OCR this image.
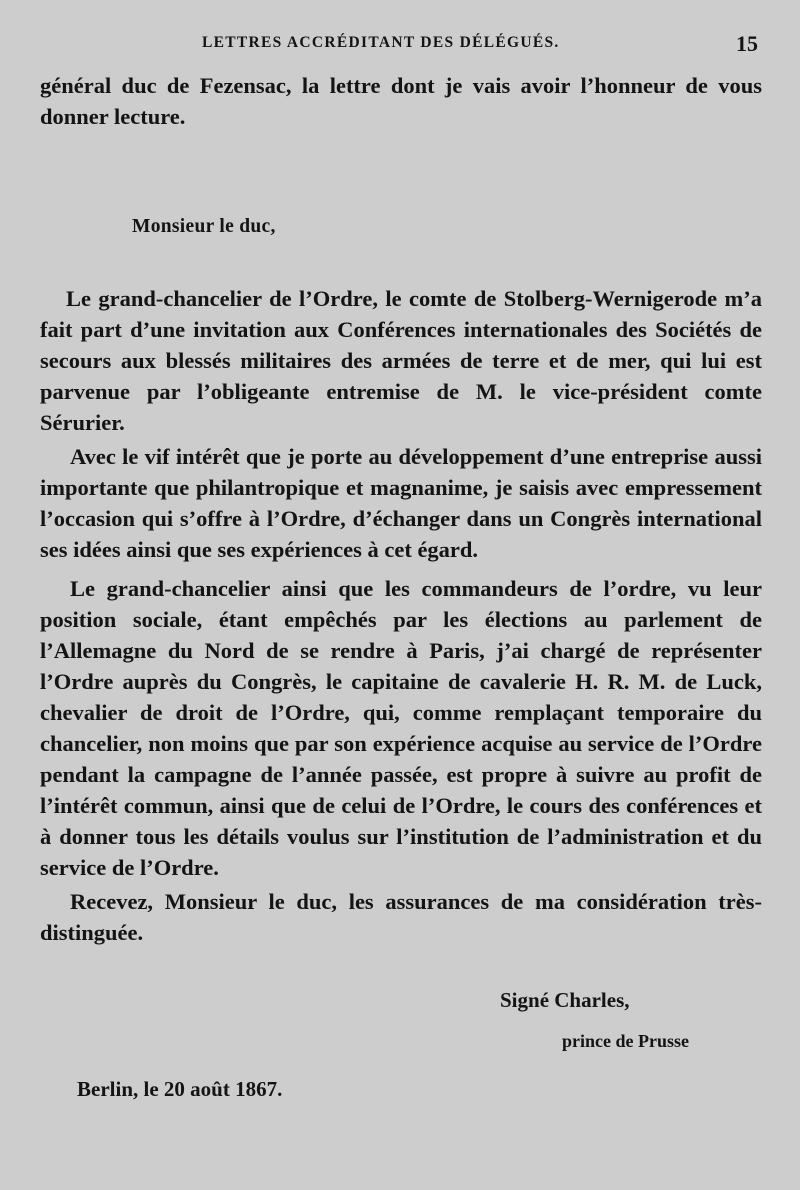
LETTRES ACCRÉDITANT DES DÉLÉGUÉS.	15

général duc de Fezensac, la lettre dont je vais avoir l’honneur de vous donner lecture.

Monsieur le duc,

Le grand-chancelier de l’Ordre, le comte de Stolberg-Wernigerode m’a fait part d’une invitation aux Conférences internationales des Sociétés de secours aux blessés militaires des armées de terre et de mer, qui lui est parvenue par l’obligeante entremise de M. le vice-président comte Sérurier.

Avec le vif intérêt que je porte au développement d’une entreprise aussi importante que philantropique et magnanime, je saisis avec empressement l’occasion qui s’offre à l’Ordre, d’échanger dans un Congrès international ses idées ainsi que ses expériences à cet égard.

Le grand-chancelier ainsi que les commandeurs de l’ordre, vu leur position sociale, étant empêchés par les élections au parlement de l’Allemagne du Nord de se rendre à Paris, j’ai chargé de représenter l’Ordre auprès du Congrès, le capitaine de cavalerie H. R. M. de Luck, chevalier de droit de l’Ordre, qui, comme remplaçant temporaire du chancelier, non moins que par son expérience acquise au service de l’Ordre pendant la campagne de l’année passée, est propre à suivre au profit de l’intérêt commun, ainsi que de celui de l’Ordre, le cours des conférences et à donner tous les détails voulus sur l’institution de l’administration et du service de l’Ordre.

Recevez, Monsieur le duc, les assurances de ma considération très-distinguée.

Signé Charles,
prince de Prusse
Berlin, le 20 août 1867.
